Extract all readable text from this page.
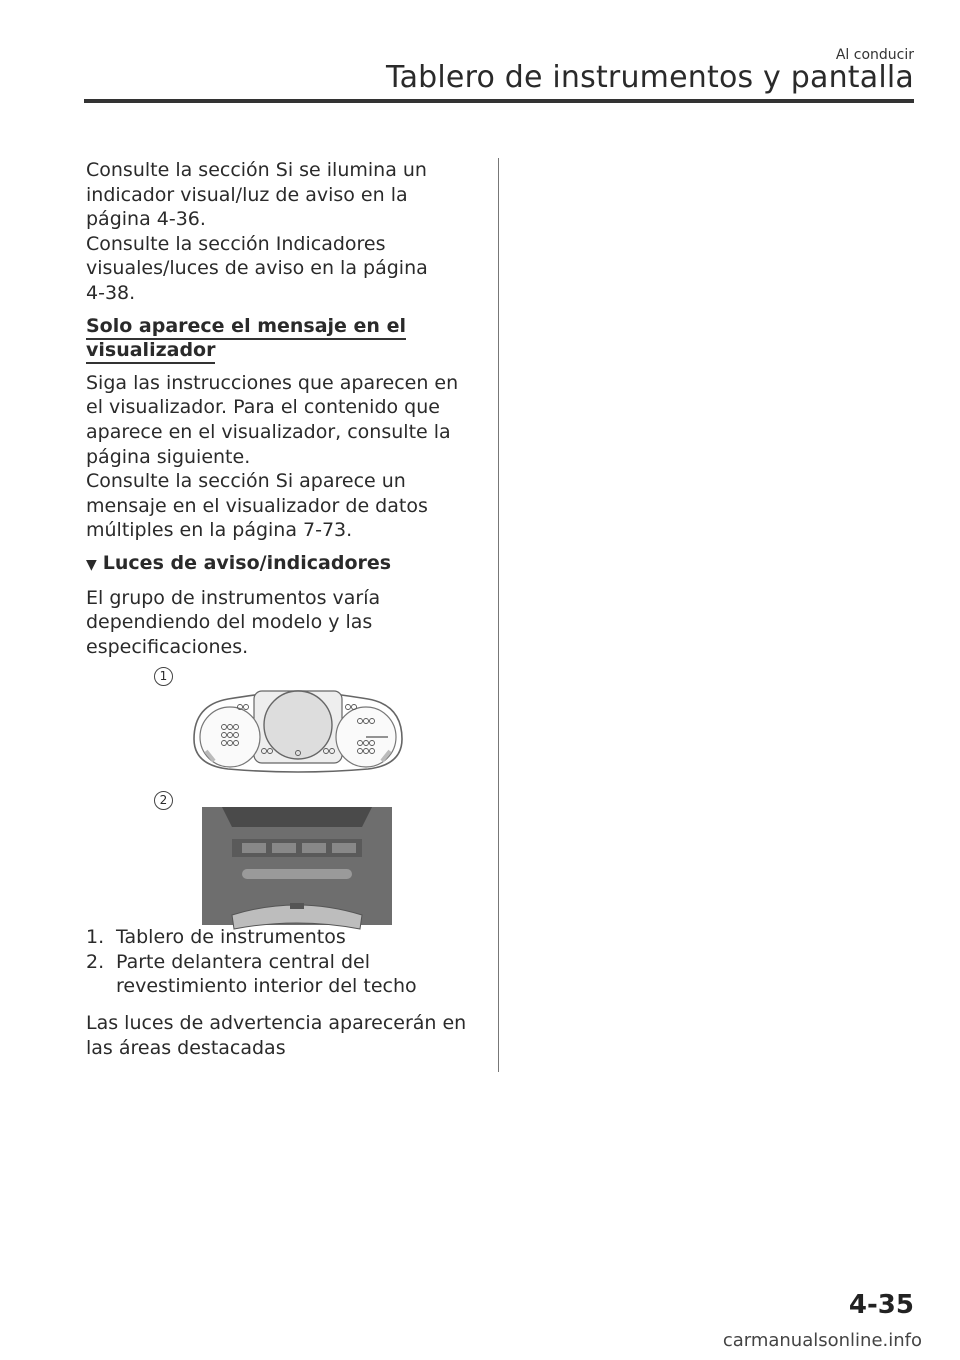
Al conducir
Tablero de instrumentos y pantalla

Consulte la sección Si se ilumina un

indicador visual/luz de aviso en la

página 4-36.

Consulte la sección Indicadores

visuales/luces de aviso en la página

4-38.

Solo aparece el mensaje en el

visualizador

Siga las instrucciones que aparecen en

el visualizador. Para el contenido que

aparece en el visualizador, consulte la

página siguiente.

Consulte la sección Si aparece un

mensaje en el visualizador de datos

múltiples en la página 7-73.

▼ Luces de aviso/indicadores

El grupo de instrumentos varía

dependiendo del modelo y las

especificaciones.

1
2
1. Tablero de instrumentos
2. Parte delantera central del
revestimiento interior del techo

Las luces de advertencia aparecerán en

las áreas destacadas

4-35
carmanualsonline.info
